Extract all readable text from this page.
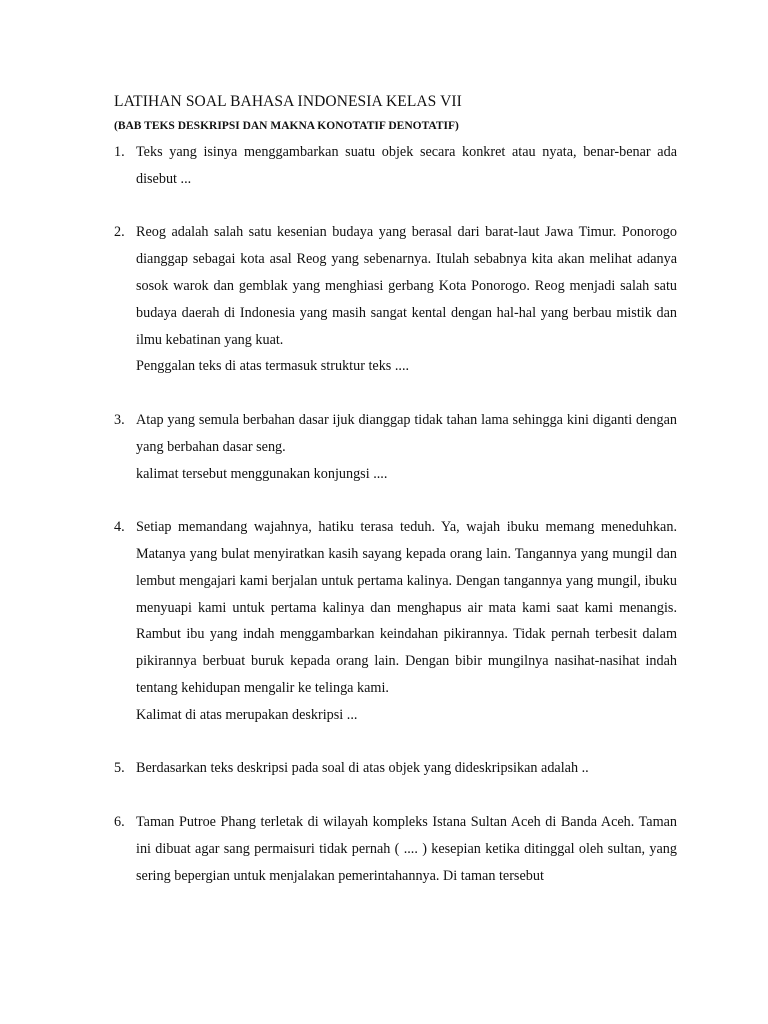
LATIHAN SOAL BAHASA INDONESIA KELAS VII
(BAB TEKS DESKRIPSI DAN MAKNA KONOTATIF DENOTATIF)
1. Teks yang isinya menggambarkan suatu objek secara konkret atau nyata, benar-benar ada disebut ...
2. Reog adalah salah satu kesenian budaya yang berasal dari barat-laut Jawa Timur. Ponorogo dianggap sebagai kota asal Reog yang sebenarnya. Itulah sebabnya kita akan melihat adanya sosok warok dan gemblak yang menghiasi gerbang Kota Ponorogo. Reog menjadi salah satu budaya daerah di Indonesia yang masih sangat kental dengan hal-hal yang berbau mistik dan ilmu kebatinan yang kuat.
Penggalan teks di atas termasuk struktur teks ....
3. Atap yang semula berbahan dasar ijuk dianggap tidak tahan lama sehingga kini diganti dengan yang berbahan dasar seng.
kalimat tersebut menggunakan konjungsi ....
4. Setiap memandang wajahnya, hatiku terasa teduh. Ya, wajah ibuku memang meneduhkan. Matanya yang bulat menyiratkan kasih sayang kepada orang lain. Tangannya yang mungil dan lembut mengajari kami berjalan untuk pertama kalinya. Dengan tangannya yang mungil, ibuku menyuapi kami untuk pertama kalinya dan menghapus air mata kami saat kami menangis. Rambut ibu yang indah menggambarkan keindahan pikirannya. Tidak pernah terbesit dalam pikirannya berbuat buruk kepada orang lain. Dengan bibir mungilnya nasihat-nasihat indah tentang kehidupan mengalir ke telinga kami.
Kalimat di atas merupakan deskripsi ...
5. Berdasarkan teks deskripsi pada soal di atas objek yang dideskripsikan adalah ..
6. Taman Putroe Phang terletak di wilayah kompleks Istana Sultan Aceh di Banda Aceh. Taman ini dibuat agar sang permaisuri tidak pernah ( .... ) kesepian ketika ditinggal oleh sultan, yang sering bepergian untuk menjalakan pemerintahannya. Di taman tersebut
